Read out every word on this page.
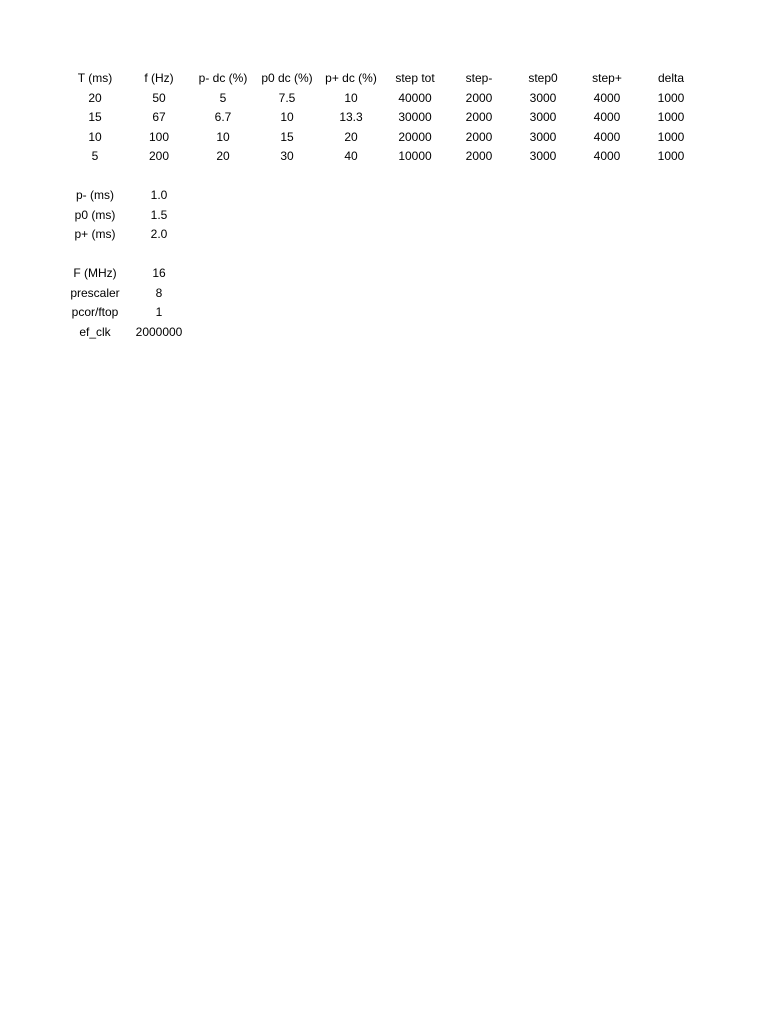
T (ms)	f (Hz)	p- dc (%)	p0 dc (%)	p+ dc (%)	step tot	step-	step0	step+	delta
20	50	5	7.5	10	40000	2000	3000	4000	1000
15	67	6.7	10	13.3	30000	2000	3000	4000	1000
10	100	10	15	20	20000	2000	3000	4000	1000
5	200	20	30	40	10000	2000	3000	4000	1000
p- (ms)	1.0
p0 (ms)	1.5
p+ (ms)	2.0
F (MHz)	16
prescaler	8
pcor/ftop	1
ef_clk	2000000
